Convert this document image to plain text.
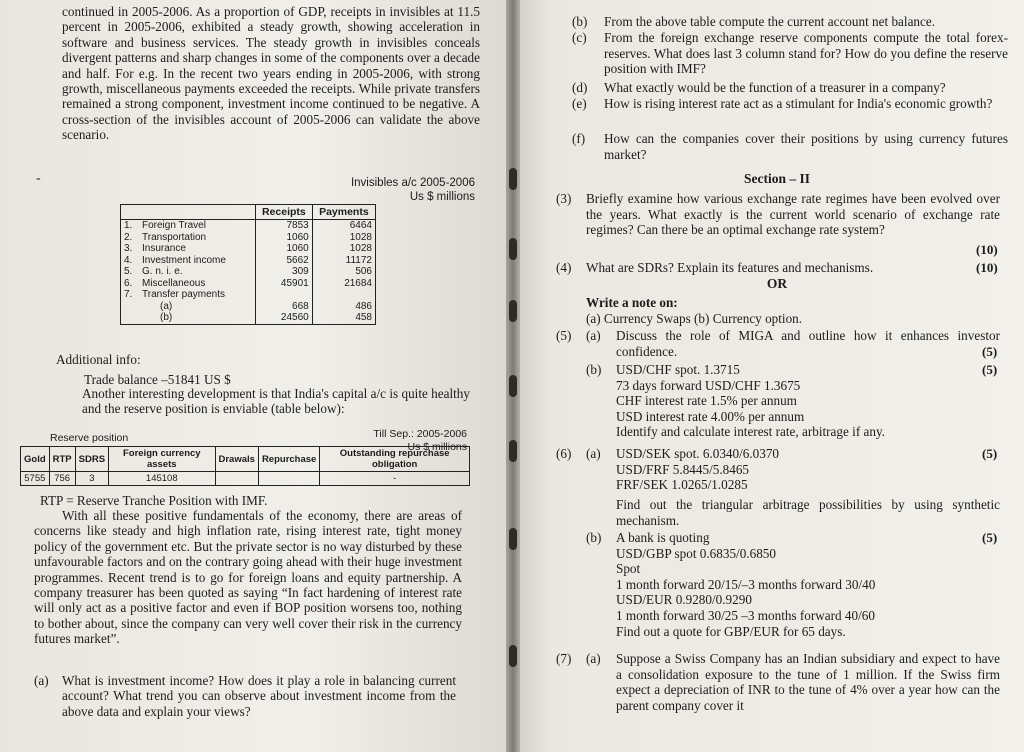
continued in 2005-2006. As a proportion of GDP, receipts in invisibles at 11.5 percent in 2005-2006, exhibited a steady growth, showing acceleration in software and business services. The steady growth in invisibles conceals divergent patterns and sharp changes in some of the components over a decade and half. For e.g. In the recent two years ending in 2005-2006, with strong growth, miscellaneous payments exceeded the receipts. While private transfers remained a strong component, investment income continued to be negative. A cross-section of the invisibles account of 2005-2006 can validate the above scenario.
-	Invisibles a/c 2005-2006
Us $ millions
	Receipts	Payments
1. Foreign Travel	7853	6464
2. Transportation	1060	1028
3. Insurance	1060	1028
4. Investment income	5662	11172
5. G. n. i. e.	309	506
6. Miscellaneous	45901	21684
7. Transfer payments		
(a)	668	486
(b)	24560	458
Additional info:
Trade balance –51841 US $
Another interesting development is that India's capital a/c is quite healthy and the reserve position is enviable (table below):
Reserve position	Till Sep.: 2005-2006
Us $ millions
Gold	RTP	SDRS	Foreign currency assets	Drawals	Repurchase	Outstanding repurchase obligation
5755	756	3	145108			-
RTP = Reserve Tranche Position with IMF.
With all these positive fundamentals of the economy, there are areas of concerns like steady and high inflation rate, rising interest rate, tight money policy of the government etc. But the private sector is no way disturbed by these unfavourable factors and on the contrary going ahead with their huge investment programmes. Recent trend is to go for foreign loans and equity partnership. A company treasurer has been quoted as saying “In fact hardening of interest rate will only act as a positive factor and even if BOP position worsens too, nothing to bother about, since the company can very well cover their risk in the currency futures market”.
(a) What is investment income? How does it play a role in balancing current account? What trend you can observe about investment income from the above data and explain your views?
(b) From the above table compute the current account net balance.
(c) From the foreign exchange reserve components compute the total forex-reserves. What does last 3 column stand for? How do you define the reserve position with IMF?
(d) What exactly would be the function of a treasurer in a company?
(e) How is rising interest rate act as a stimulant for India's economic growth?
(f) How can the companies cover their positions by using currency futures market?
Section – II
(3) Briefly examine how various exchange rate regimes have been evolved over the years. What exactly is the current world scenario of exchange rate regimes? Can there be an optimal exchange rate system?
(10)
(4) What are SDRs? Explain its features and mechanisms.	(10)
OR
Write a note on:
(a) Currency Swaps (b) Currency option.
(5) (a) Discuss the role of MIGA and outline how it enhances investor confidence.	(5)
(b) USD/CHF spot. 1.3715
73 days forward USD/CHF 1.3675
CHF interest rate 1.5% per annum
USD interest rate 4.00% per annum
Identify and calculate interest rate, arbitrage if any.
(5)
(6) (a) USD/SEK spot. 6.0340/6.0370
USD/FRF 5.8445/5.8465
FRF/SEK 1.0265/1.0285
(5)
Find out the triangular arbitrage possibilities by using synthetic mechanism.
(b) A bank is quoting
USD/GBP spot 0.6835/0.6850
Spot
1 month forward 20/15/–3 months forward 30/40
USD/EUR 0.9280/0.9290
1 month forward 30/25 –3 months forward 40/60
Find out a quote for GBP/EUR for 65 days.
(5)
(7) (a) Suppose a Swiss Company has an Indian subsidiary and expect to have a consolidation exposure to the tune of 1 million. If the Swiss firm expect a depreciation of INR to the tune of 4% over a year how can the parent company cover it
